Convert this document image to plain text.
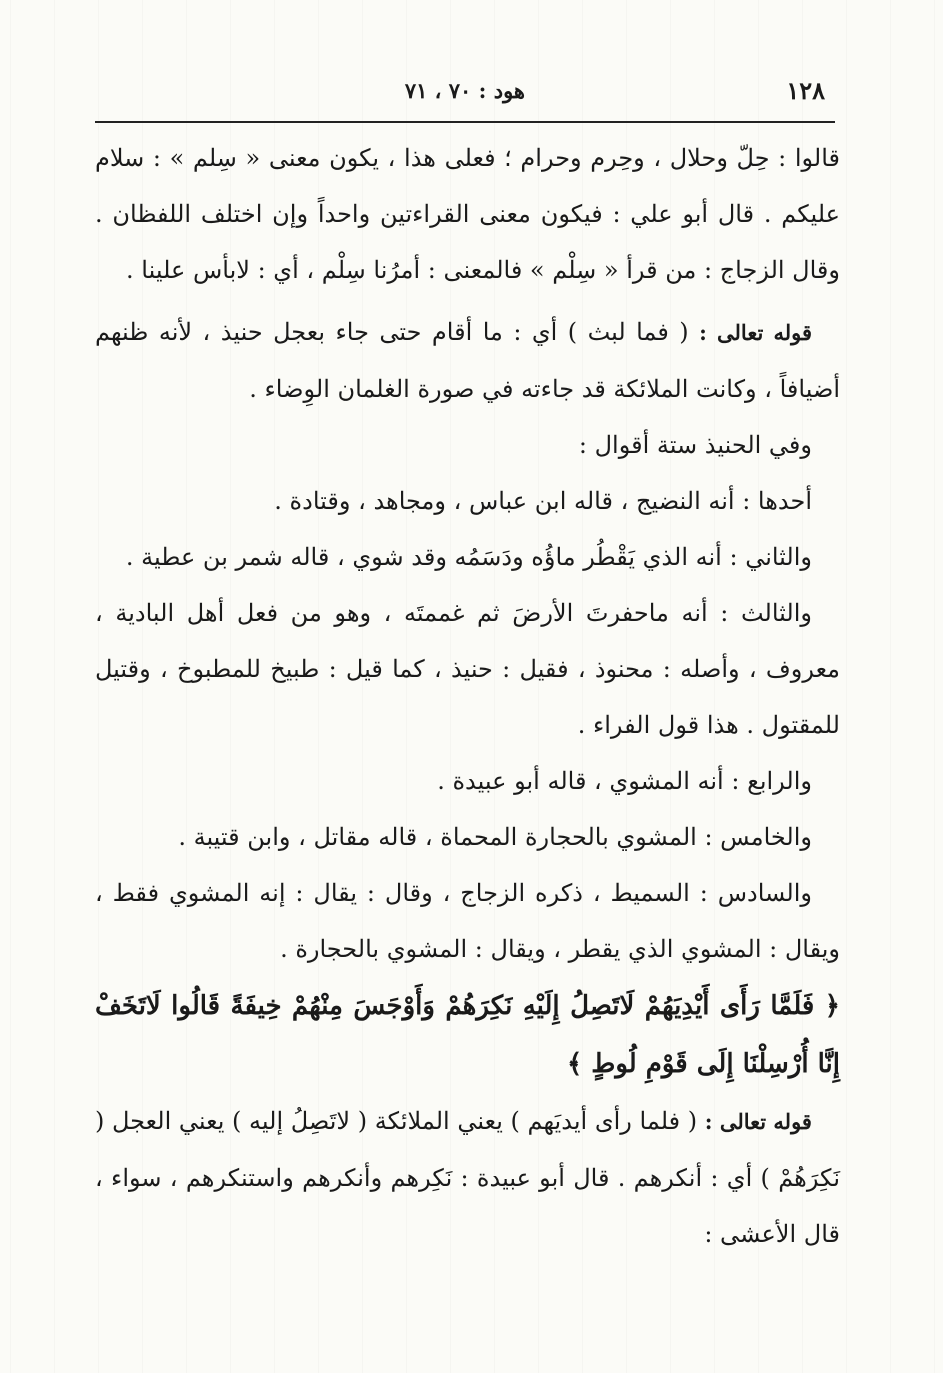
١٢٨
هود : ٧٠ ، ٧١

قالوا : حِلّ وحلال ، وحِرم وحرام ؛ فعلى هذا ، يكون معنى « سِلم » : سلام عليكم . قال أبو علي : فيكون معنى القراءتين واحداً وإن اختلف اللفظان . وقال الزجاج : من قرأ « سِلْم » فالمعنى : أمرُنا سِلْم ، أي : لابأس علينا .

قوله تعالى : ( فما لبث ) أي : ما أقام حتى جاء بعجل حنيذ ، لأنه ظنهم أضيافاً ، وكانت الملائكة قد جاءته في صورة الغلمان الوِضاء .

وفي الحنيذ ستة أقوال :

أحدها : أنه النضيج ، قاله ابن عباس ، ومجاهد ، وقتادة .

والثاني : أنه الذي يَقْطُر ماؤُه ودَسَمُه وقد شوي ، قاله شمر بن عطية .

والثالث : أنه ماحفرتَ الأرضَ ثم غممتَه ، وهو من فعل أهل البادية ، معروف ، وأصله : محنوذ ، فقيل : حنيذ ، كما قيل : طبيخ للمطبوخ ، وقتيل للمقتول . هذا قول الفراء .

والرابع : أنه المشوي ، قاله أبو عبيدة .

والخامس : المشوي بالحجارة المحماة ، قاله مقاتل ، وابن قتيبة .

والسادس : السميط ، ذكره الزجاج ، وقال : يقال : إنه المشوي فقط ، ويقال : المشوي الذي يقطر ، ويقال : المشوي بالحجارة .

﴿ فَلَمَّا رَأَى أَيْدِيَهُمْ لَاتَصِلُ إِلَيْهِ نَكِرَهُمْ وَأَوْجَسَ مِنْهُمْ خِيفَةً قَالُوا لَاتَخَفْ إِنَّا أُرْسِلْنَا إِلَى قَوْمِ لُوطٍ ﴾

قوله تعالى : ( فلما رأى أيديَهم ) يعني الملائكة ( لاتَصِلُ إليه ) يعني العجل ( نَكِرَهُمْ ) أي : أنكرهم . قال أبو عبيدة : نَكِرهم وأنكرهم واستنكرهم ، سواء ، قال الأعشى :
